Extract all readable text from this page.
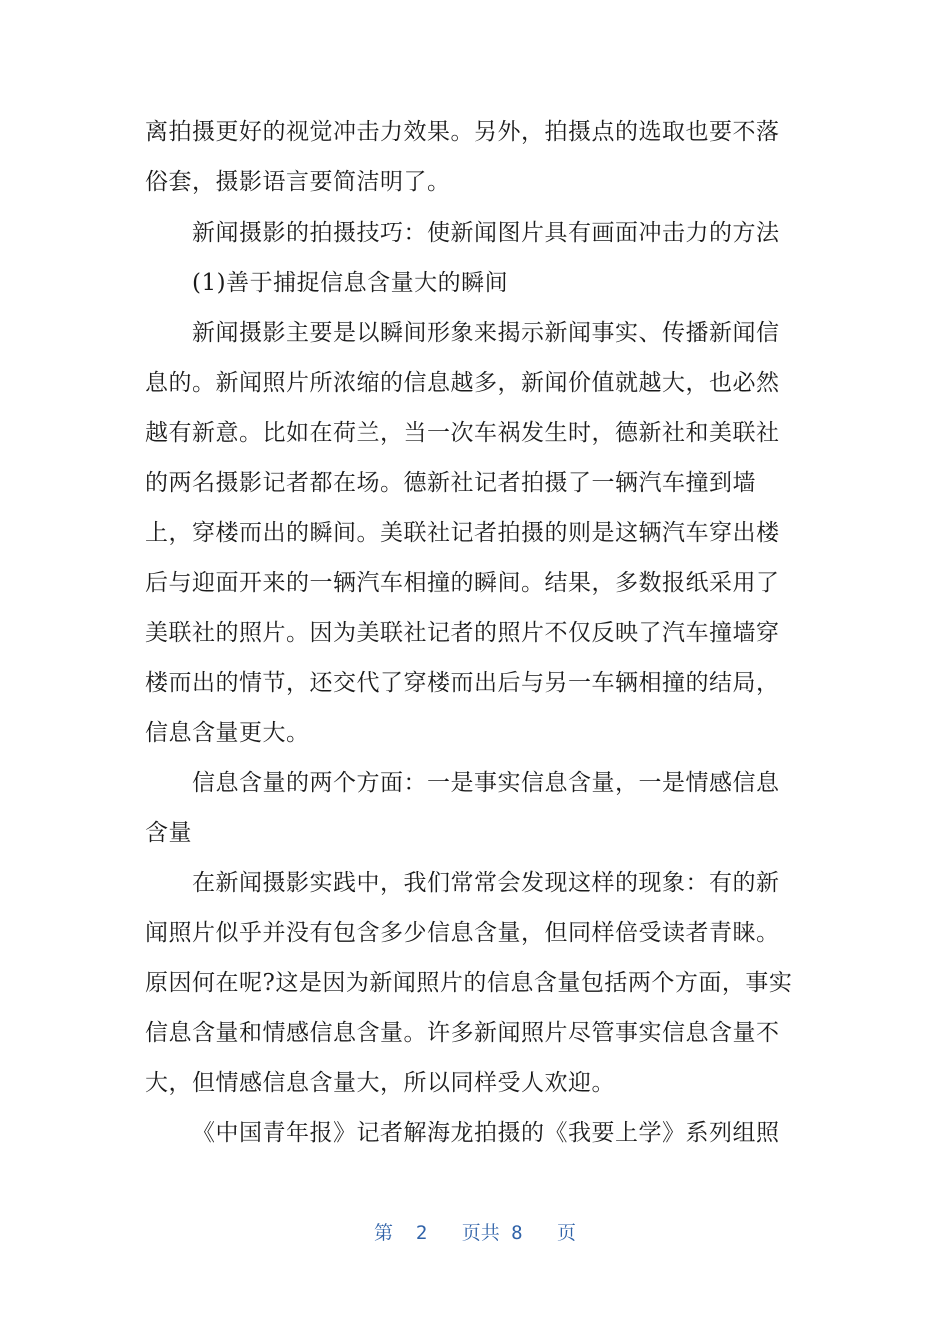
离拍摄更好的视觉冲击力效果。另外，拍摄点的选取也要不落
俗套，摄影语言要简洁明了。
新闻摄影的拍摄技巧：使新闻图片具有画面冲击力的方法
(1)善于捕捉信息含量大的瞬间
新闻摄影主要是以瞬间形象来揭示新闻事实、传播新闻信
息的。新闻照片所浓缩的信息越多，新闻价值就越大，也必然
越有新意。比如在荷兰，当一次车祸发生时，德新社和美联社
的两名摄影记者都在场。德新社记者拍摄了一辆汽车撞到墙
上，穿楼而出的瞬间。美联社记者拍摄的则是这辆汽车穿出楼
后与迎面开来的一辆汽车相撞的瞬间。结果，多数报纸采用了
美联社的照片。因为美联社记者的照片不仅反映了汽车撞墙穿
楼而出的情节，还交代了穿楼而出后与另一车辆相撞的结局，
信息含量更大。
信息含量的两个方面：一是事实信息含量，一是情感信息
含量
在新闻摄影实践中，我们常常会发现这样的现象：有的新
闻照片似乎并没有包含多少信息含量，但同样倍受读者青睐。
原因何在呢?这是因为新闻照片的信息含量包括两个方面，事实
信息含量和情感信息含量。许多新闻照片尽管事实信息含量不
大，但情感信息含量大，所以同样受人欢迎。
《中国青年报》记者解海龙拍摄的《我要上学》系列组照
第 2 页共 8 页
